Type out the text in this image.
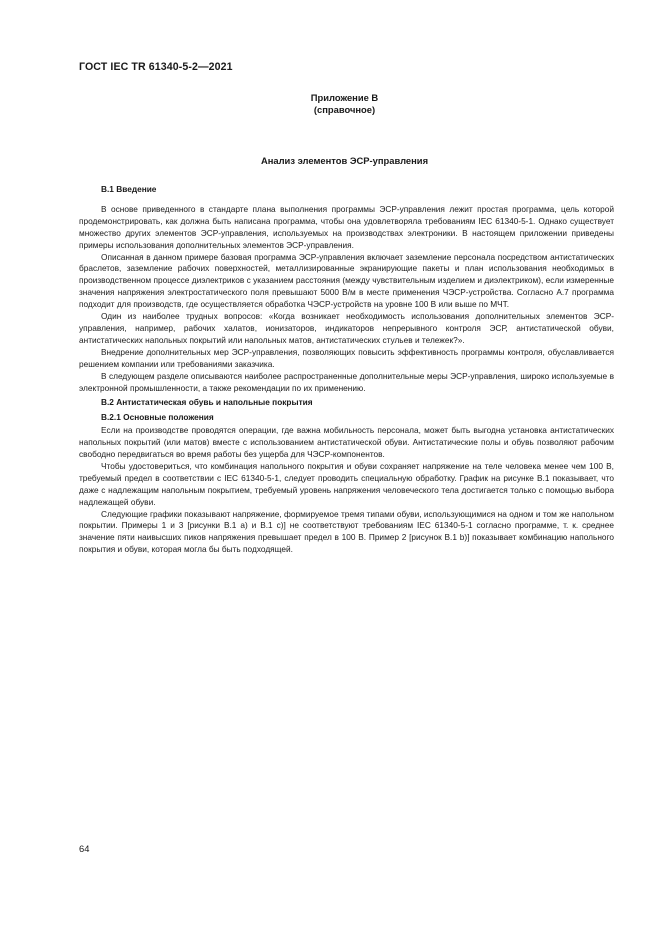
ГОСТ IEC TR 61340-5-2—2021
Приложение В
(справочное)
Анализ элементов ЭСР-управления
В.1 Введение

В основе приведенного в стандарте плана выполнения программы ЭСР-управления лежит простая программа, цель которой продемонстрировать, как должна быть написана программа, чтобы она удовлетворяла требованиям IEC 61340-5-1. Однако существует множество других элементов ЭСР-управления, используемых на производствах электроники. В настоящем приложении приведены примеры использования дополнительных элементов ЭСР-управления.

Описанная в данном примере базовая программа ЭСР-управления включает заземление персонала посредством антистатических браслетов, заземление рабочих поверхностей, металлизированные экранирующие пакеты и план использования необходимых в производственном процессе диэлектриков с указанием расстояния (между чувствительным изделием и диэлектриком), если измеренные значения напряжения электростатического поля превышают 5000 В/м в месте применения ЧЭСР-устройства. Согласно А.7 программа подходит для производств, где осуществляется обработка ЧЭСР-устройств на уровне 100 В или выше по МЧТ.

Один из наиболее трудных вопросов: «Когда возникает необходимость использования дополнительных элементов ЭСР-управления, например, рабочих халатов, ионизаторов, индикаторов непрерывного контроля ЭСР, антистатической обуви, антистатических напольных покрытий или напольных матов, антистатических стульев и тележек?».

Внедрение дополнительных мер ЭСР-управления, позволяющих повысить эффективность программы контроля, обуславливается решением компании или требованиями заказчика.

В следующем разделе описываются наиболее распространенные дополнительные меры ЭСР-управления, широко используемые в электронной промышленности, а также рекомендации по их применению.

В.2 Антистатическая обувь и напольные покрытия
В.2.1 Основные положения

Если на производстве проводятся операции, где важна мобильность персонала, может быть выгодна установка антистатических напольных покрытий (или матов) вместе с использованием антистатической обуви. Антистатические полы и обувь позволяют рабочим свободно передвигаться во время работы без ущерба для ЧЭСР-компонентов.

Чтобы удостовериться, что комбинация напольного покрытия и обуви сохраняет напряжение на теле человека менее чем 100 В, требуемый предел в соответствии с IEC 61340-5-1, следует проводить специальную обработку. График на рисунке В.1 показывает, что даже с надлежащим напольным покрытием, требуемый уровень напряжения человеческого тела достигается только с помощью выбора надлежащей обуви.

Следующие графики показывают напряжение, формируемое тремя типами обуви, использующимися на одном и том же напольном покрытии. Примеры 1 и 3 [рисунки В.1 а) и В.1 с)] не соответствуют требованиям IEC 61340-5-1 согласно программе, т. к. среднее значение пяти наивысших пиков напряжения превышает предел в 100 В. Пример 2 [рисунок В.1 b)] показывает комбинацию напольного покрытия и обуви, которая могла бы быть подходящей.

64
